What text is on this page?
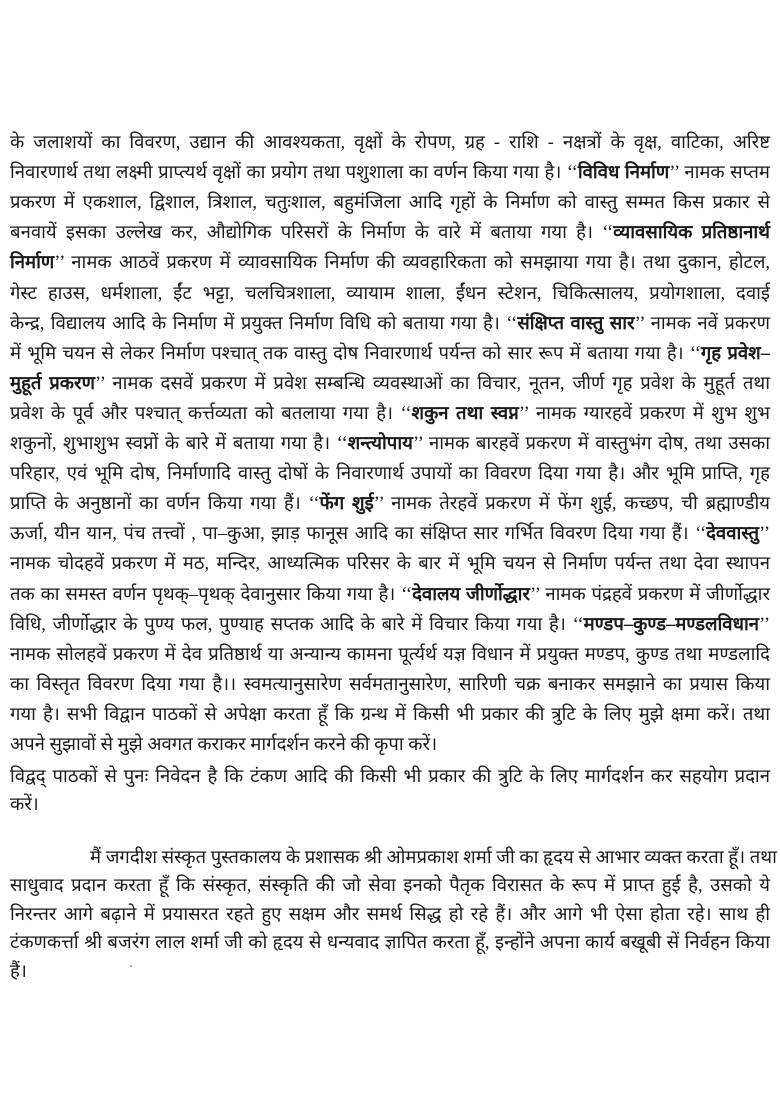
के जलाशयों का विवरण, उद्यान की आवश्यकता, वृक्षों के रोपण, ग्रह - राशि - नक्षत्रों के वृक्ष, वाटिका, अरिष्ट
निवारणार्थ तथा लक्ष्मी प्राप्त्यर्थ वृक्षों का प्रयोग तथा पशुशाला का वर्णन किया गया है। ‘‘विविध निर्माण’’ नामक सप्तम
प्रकरण में एकशाल, द्विशाल, त्रिशाल, चतुःशाल, बहुमंजिला आदि गृहों के निर्माण को वास्तु सम्मत किस प्रकार से
बनवायें इसका उल्लेख कर, औद्योगिक परिसरों के निर्माण के वारे में बताया गया है। ‘‘व्यावसायिक प्रतिष्ठानार्थ
निर्माण’’ नामक आठवें प्रकरण में व्यावसायिक निर्माण की व्यवहारिकता को समझाया गया है। तथा दुकान, होटल,
गेस्ट हाउस, धर्मशाला, ईंट भट्टा, चलचित्रशाला, व्यायाम शाला, ईंधन स्टेशन, चिकित्सालय, प्रयोगशाला, दवाई
केन्द्र, विद्यालय आदि के निर्माण में प्रयुक्त निर्माण विधि को बताया गया है। ‘‘संक्षिप्त वास्तु सार’’ नामक नवें प्रकरण
में भूमि चयन से लेकर निर्माण पश्चात् तक वास्तु दोष निवारणार्थ पर्यन्त को सार रूप में बताया गया है। ‘‘गृह प्रवेश–
मुहूर्त प्रकरण’’ नामक दसवें प्रकरण में प्रवेश सम्बन्धि व्यवस्थाओं का विचार, नूतन, जीर्ण गृह प्रवेश के मुहूर्त तथा
प्रवेश के पूर्व और पश्चात् कर्त्तव्यता को बतलाया गया है। ‘‘शकुन तथा स्वप्न’’ नामक ग्यारहवें प्रकरण में शुभ शुभ
शकुनों, शुभाशुभ स्वप्नों के बारे में बताया गया है। ‘‘शन्त्योपाय’’ नामक बारहवें प्रकरण में वास्तुभंग दोष, तथा उसका
परिहार, एवं भूमि दोष, निर्माणादि वास्तु दोषों के निवारणार्थ उपायों का विवरण दिया गया है। और भूमि प्राप्ति, गृह
प्राप्ति के अनुष्ठानों का वर्णन किया गया हैं। ‘‘फेंग शुई’’ नामक तेरहवें प्रकरण में फेंग शुई, कच्छप, ची ब्रह्माण्डीय
ऊर्जा, यीन यान, पंच तत्त्वों , पा–कुआ, झाड़ फानूस आदि का संक्षिप्त सार गर्भित विवरण दिया गया हैं। ‘‘देववास्तु’’
नामक चोदहवें प्रकरण में मठ, मन्दिर, आध्यत्मिक परिसर के बार में भूमि चयन से निर्माण पर्यन्त तथा देवा स्थापन
तक का समस्त वर्णन पृथक्–पृथक् देवानुसार किया गया है। ‘‘देवालय जीर्णोद्धार’’ नामक पंद्रहवें प्रकरण में जीर्णोद्धार
विधि, जीर्णोद्धार के पुण्य फल, पुण्याह सप्तक आदि के बारे में विचार किया गया है। ‘‘मण्डप–कुण्ड–मण्डलविधान’’
नामक सोलहवें प्रकरण में देव प्रतिष्ठार्थ या अन्यान्य कामना पूर्त्यर्थ यज्ञ विधान में प्रयुक्त मण्डप, कुण्ड तथा मण्डलादि
का विस्तृत विवरण दिया गया है।। स्वमत्यानुसारेण सर्वमतानुसारेण, सारिणी चक्र बनाकर समझाने का प्रयास किया
गया है। सभी विद्वान पाठकों से अपेक्षा करता हूँ कि ग्रन्थ में किसी भी प्रकार की त्रुटि के लिए मुझे क्षमा करें। तथा
अपने सुझावों से मुझे अवगत कराकर मार्गदर्शन करने की कृपा करें।
विद्वद् पाठकों से पुनः निवेदन है कि टंकण आदि की किसी भी प्रकार की त्रुटि के लिए मार्गदर्शन कर सहयोग प्रदान
करें।
मैं जगदीश संस्कृत पुस्तकालय के प्रशासक श्री ओमप्रकाश शर्मा जी का हृदय से आभार व्यक्त करता हूँ। तथा
साधुवाद प्रदान करता हूँ कि संस्कृत, संस्कृति की जो सेवा इनको पैतृक विरासत के रूप में प्राप्त हुई है, उसको ये
निरन्तर आगे बढ़ाने में प्रयासरत रहते हुए सक्षम और समर्थ सिद्ध हो रहे हैं। और आगे भी ऐसा होता रहे। साथ ही
टंकणकर्त्ता श्री बजरंग लाल शर्मा जी को हृदय से धन्यवाद ज्ञापित करता हूँ, इन्होंने अपना कार्य बखूबी सें निर्वहन किया
हैं।
